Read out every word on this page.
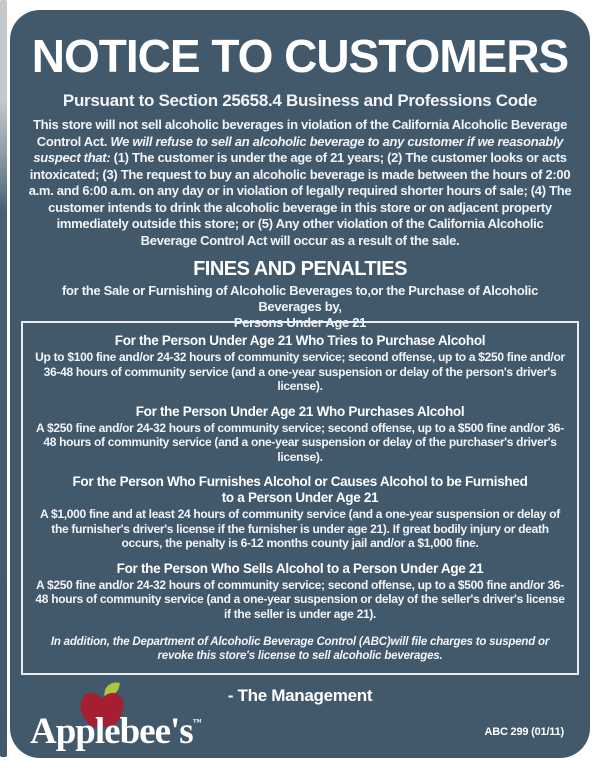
NOTICE TO CUSTOMERS
Pursuant to Section 25658.4 Business and Professions Code

This store will not sell alcoholic beverages in violation of the California Alcoholic Beverage Control Act. We will refuse to sell an alcoholic beverage to any customer if we reasonably suspect that: (1) The customer is under the age of 21 years; (2) The customer looks or acts intoxicated; (3) The request to buy an alcoholic beverage is made between the hours of 2:00 a.m. and 6:00 a.m. on any day or in violation of legally required shorter hours of sale; (4) The customer intends to drink the alcoholic beverage in this store or on adjacent property immediately outside this store; or (5) Any other violation of the California Alcoholic Beverage Control Act will occur as a result of the sale.

FINES AND PENALTIES

for the Sale or Furnishing of Alcoholic Beverages to,or the Purchase of Alcoholic Beverages by,
Persons Under Age 21

For the Person Under Age 21 Who Tries to Purchase Alcohol
Up to $100 fine and/or 24-32 hours of community service; second offense, up to a $250 fine and/or 36-48 hours of community service (and a one-year suspension or delay of the person's driver's license).
For the Person Under Age 21 Who Purchases Alcohol
A $250 fine and/or 24-32 hours of community service; second offense, up to a $500 fine and/or 36-48 hours of community service (and a one-year suspension or delay of the purchaser's driver's license).
For the Person Who Furnishes Alcohol or Causes Alcohol to be Furnished to a Person Under Age 21
A $1,000 fine and at least 24 hours of community service (and a one-year suspension or delay of the furnisher's driver's license if the furnisher is under age 21). If great bodily injury or death occurs, the penalty is 6-12 months county jail and/or a $1,000 fine.
For the Person Who Sells Alcohol to a Person Under Age 21
A $250 fine and/or 24-32 hours of community service; second offense, up to a $500 fine and/or 36-48 hours of community service (and a one-year suspension or delay of the seller's driver's license if the seller is under age 21).

In addition, the Department of Alcoholic Beverage Control (ABC)will file charges to suspend or revoke this store's license to sell alcoholic beverages.

- The Management
Applebee's™
ABC 299 (01/11)
